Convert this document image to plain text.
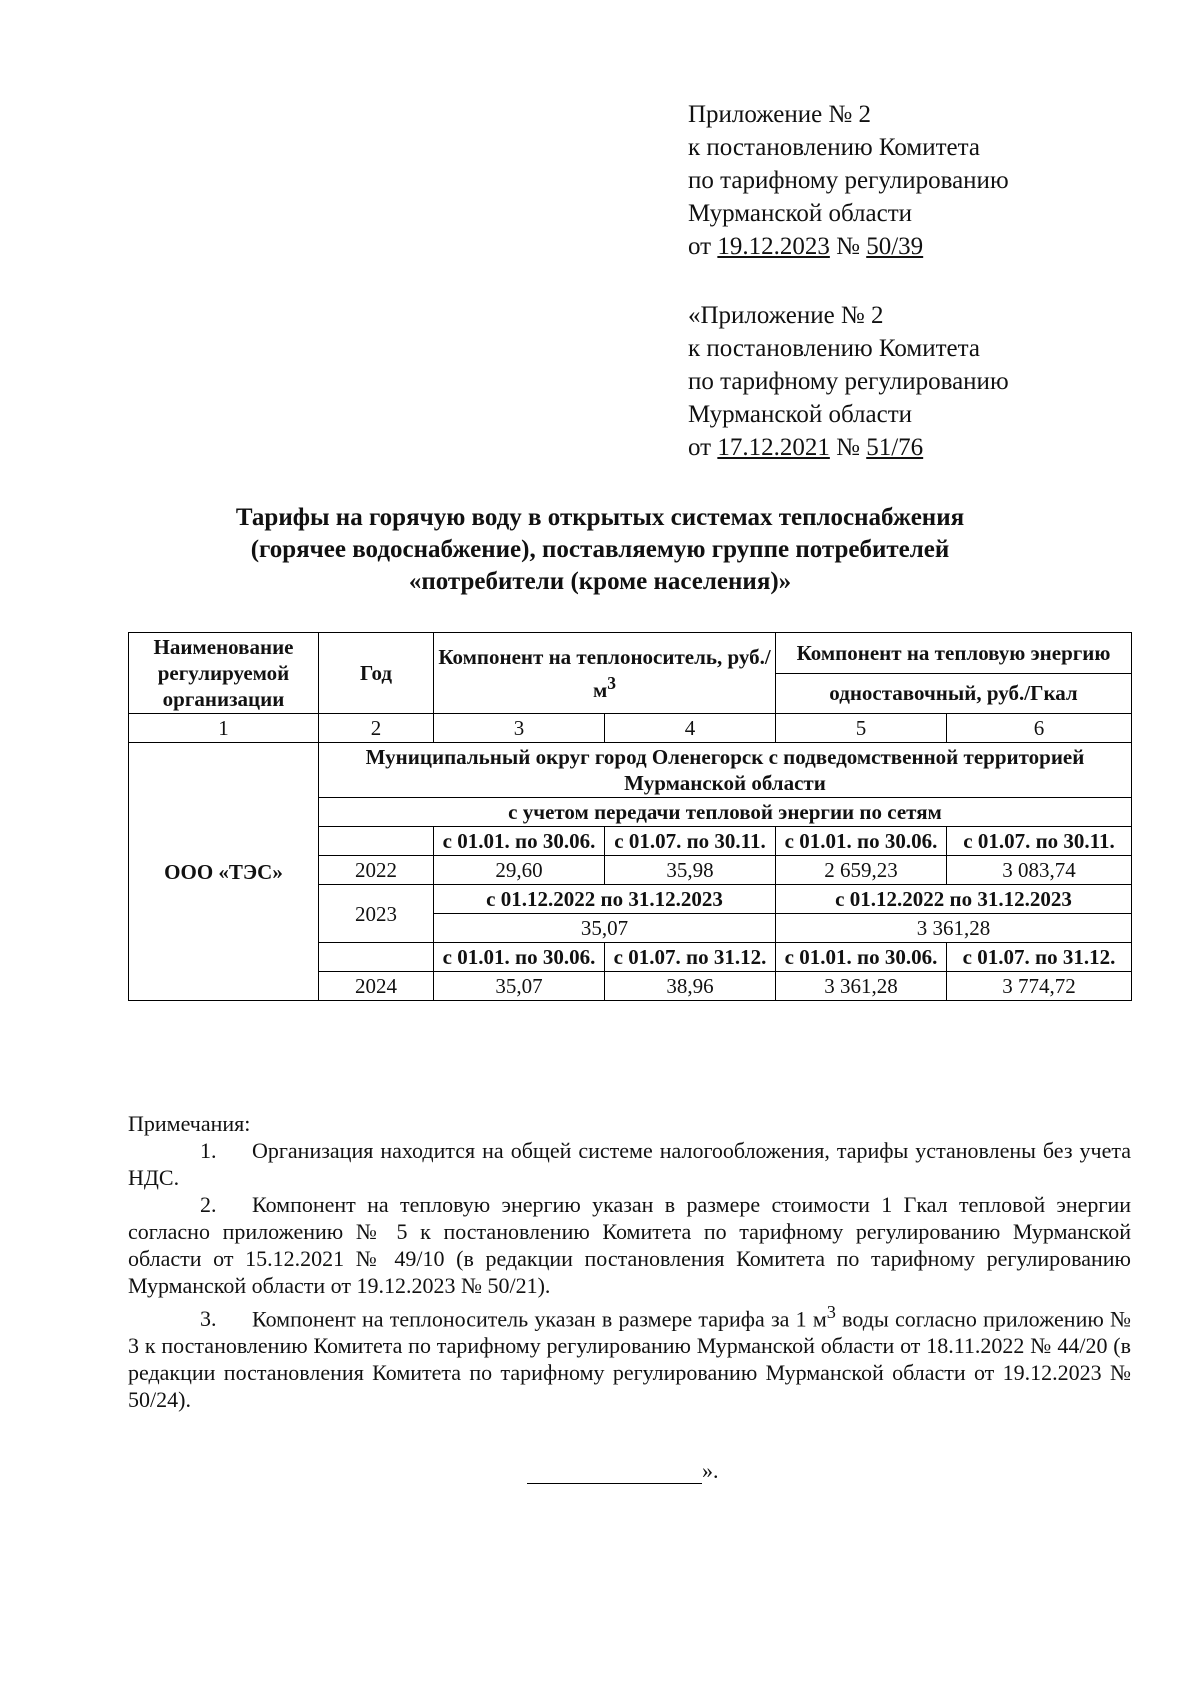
Приложение № 2
к постановлению Комитета
по тарифному регулированию
Мурманской области
от 19.12.2023 № 50/39
«Приложение № 2
к постановлению Комитета
по тарифному регулированию
Мурманской области
от 17.12.2021 № 51/76
Тарифы на горячую воду в открытых системах теплоснабжения
(горячее водоснабжение), поставляемую группе потребителей
«потребители (кроме населения)»
Наименование регулируемой организации	Год	Компонент на теплоноситель, $руб./м^3$		Компонент на тепловую энергию	

				одноставочный, руб./Гкал	
1	2	3	4	5	6
ООО «ТЭС»	Муниципальный округ город Оленегорск с подведомственной территорией Мурманской области				
	с учетом передачи тепловой энергии по сетям				
		с 01.01. по 30.06.	с 01.07. по 30.11.	с 01.01. по 30.06.	с 01.07. по 30.11.
	2022	29,60	35,98	2 659,23	3 083,74
	2023	с 01.12.2022 по 31.12.2023		с 01.12.2022 по 31.12.2023	
		35,07		3 361,28	
		с 01.01. по 30.06.	с 01.07. по 31.12.	с 01.01. по 30.06.	с 01.07. по 31.12.
	2024	35,07	38,96	3 361,28	3 774,72

Примечания:

1. Организация находится на общей системе налогообложения, тарифы установлены без учета НДС.

2. Компонент на тепловую энергию указан в размере стоимости 1 Гкал тепловой энергии согласно приложению № 5 к постановлению Комитета по тарифному регулированию Мурманской области от 15.12.2021 № 49/10 (в редакции постановления Комитета по тарифному регулированию Мурманской области от 19.12.2023 № 50/21).

3. Компонент на теплоноситель указан в размере тарифа за 1 $м^3$ воды согласно приложению № 3 к постановлению Комитета по тарифному регулированию Мурманской области от 18.11.2022 № 44/20 (в редакции постановления Комитета по тарифному регулированию Мурманской области от 19.12.2023 № 50/24).

».
